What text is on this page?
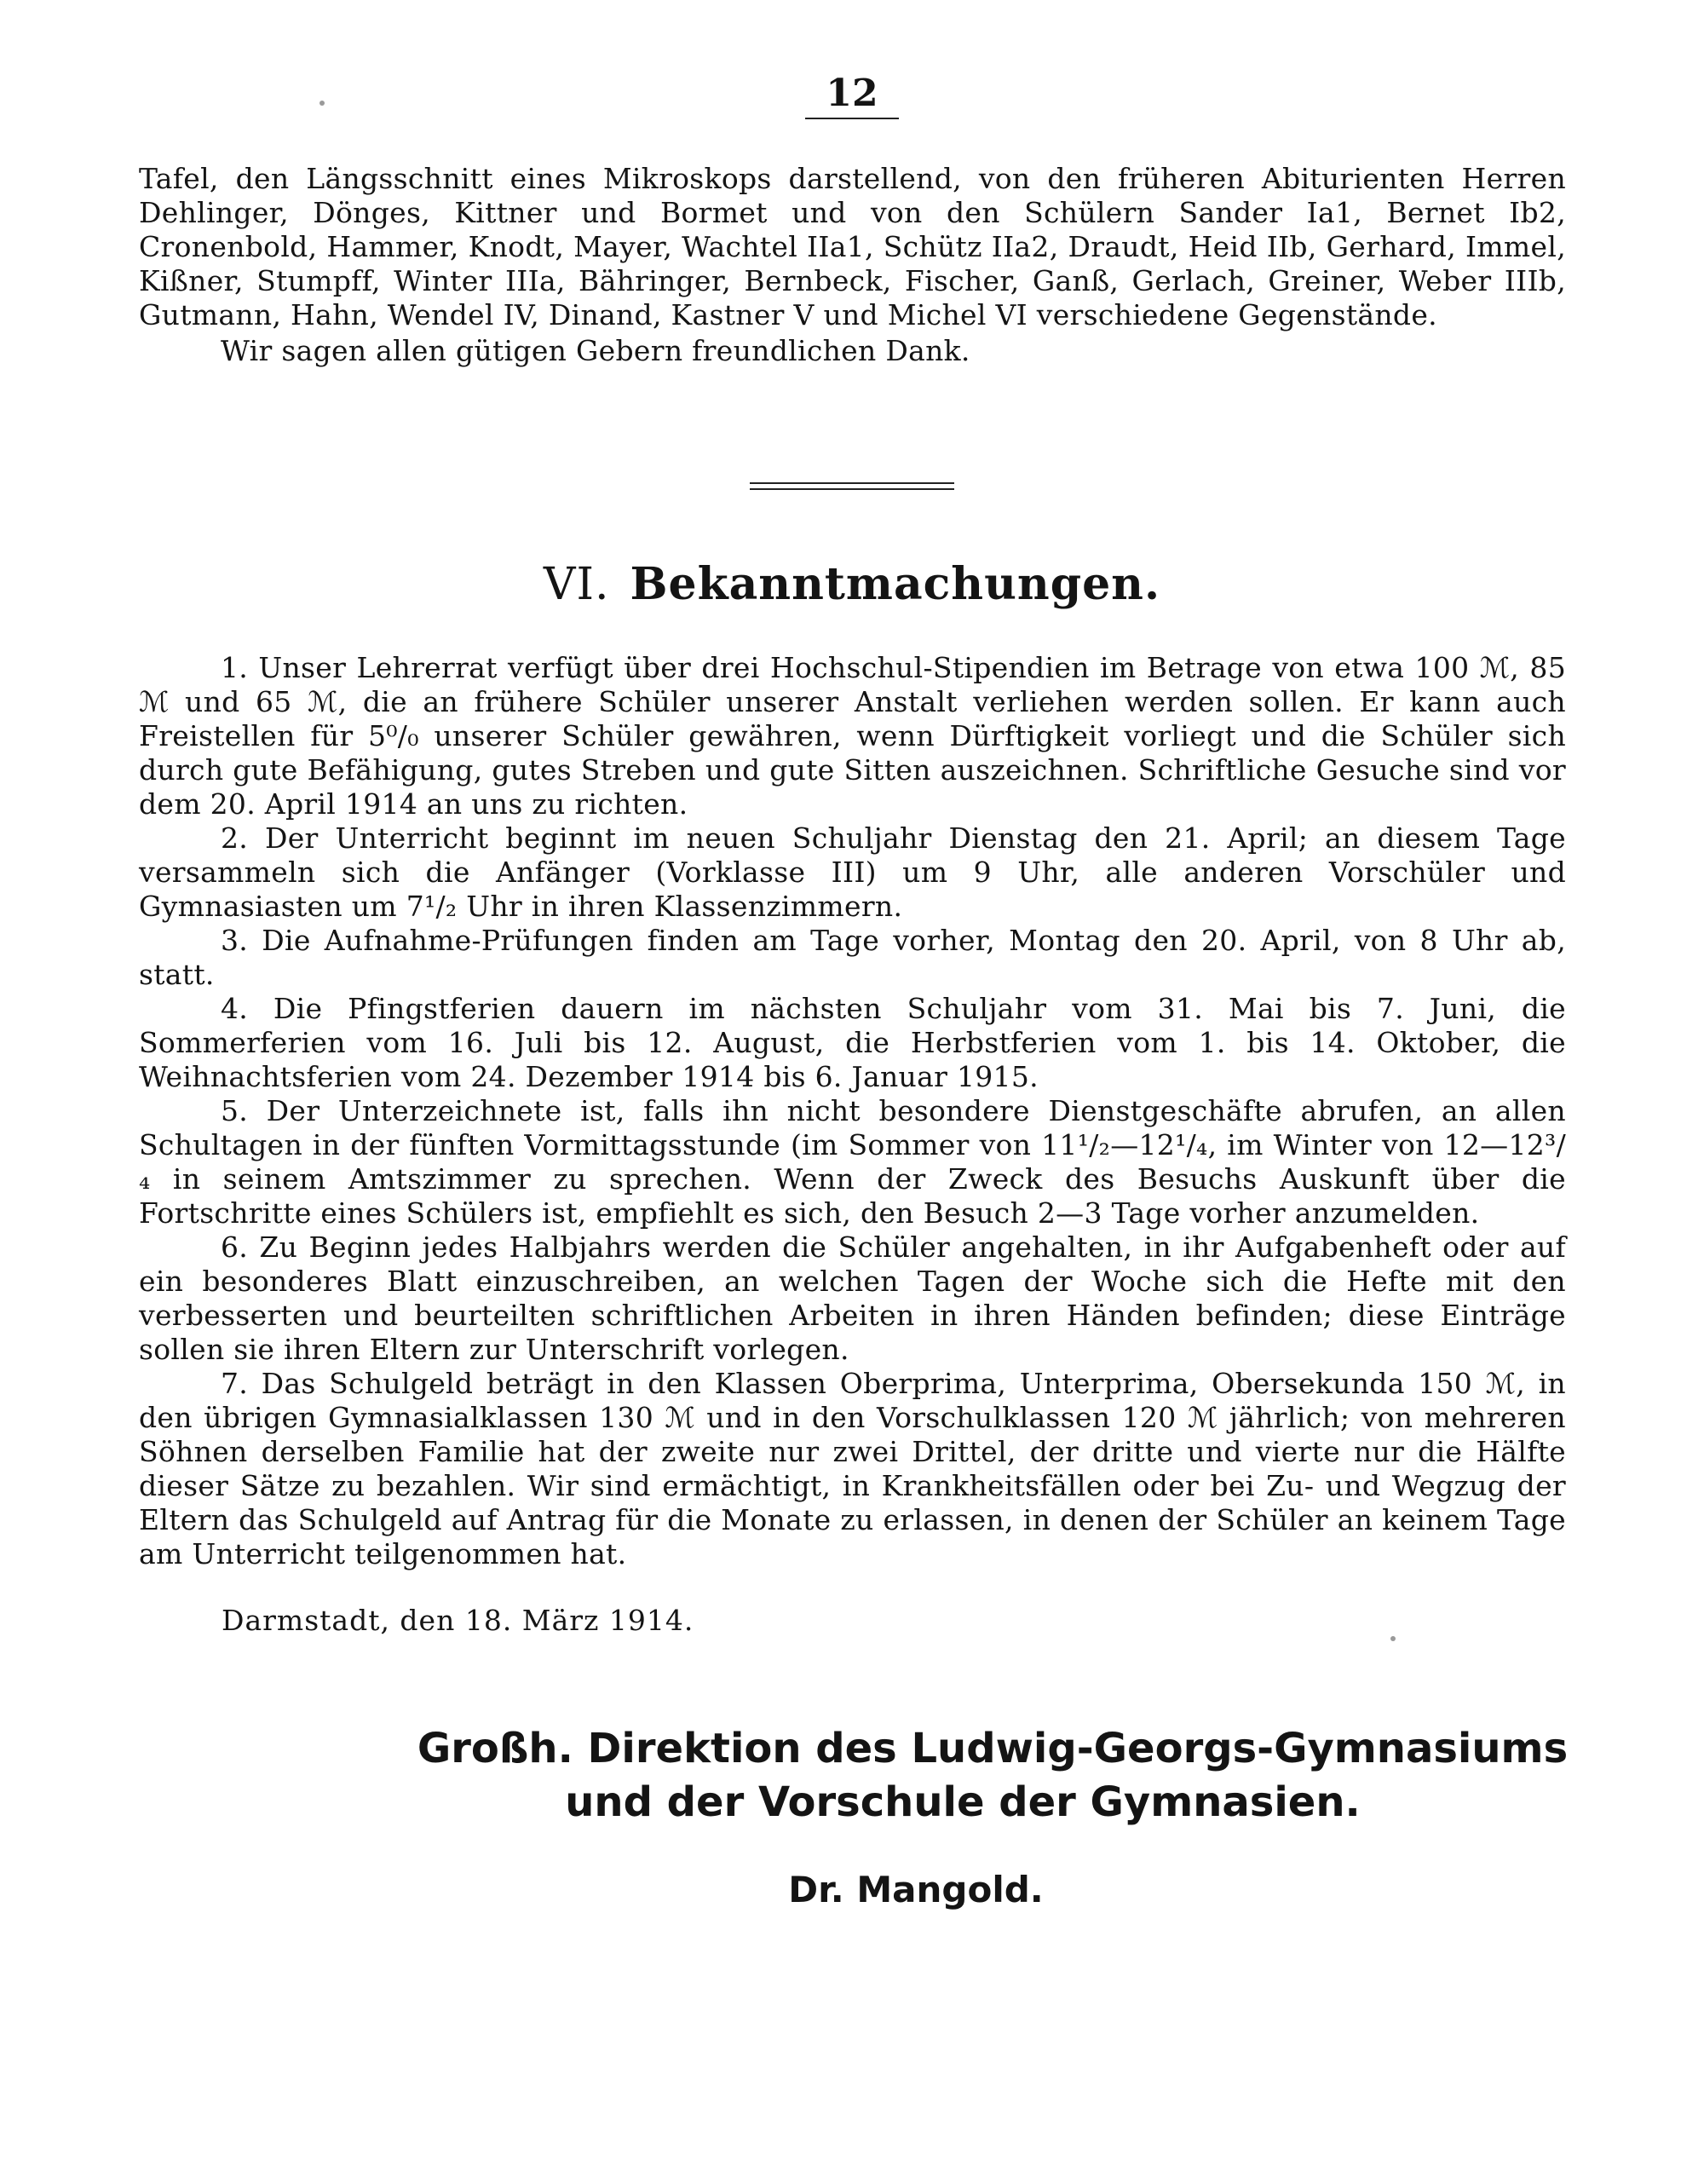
12

Tafel, den Längsschnitt eines Mikroskops darstellend, von den früheren Abiturienten Herren Dehlinger, Dönges, Kittner und Bormet und von den Schülern Sander Ia1, Bernet Ib2, Cronenbold, Hammer, Knodt, Mayer, Wachtel IIa1, Schütz IIa2, Draudt, Heid IIb, Gerhard, Immel, Kißner, Stumpff, Winter IIIa, Bähringer, Bernbeck, Fischer, Ganß, Gerlach, Greiner, Weber IIIb, Gutmann, Hahn, Wendel IV, Dinand, Kastner V und Michel VI verschiedene Gegenstände.

Wir sagen allen gütigen Gebern freundlichen Dank.

VI. Bekanntmachungen.

1. Unser Lehrerrat verfügt über drei Hochschul-Stipendien im Betrage von etwa 100 ℳ, 85 ℳ und 65 ℳ, die an frühere Schüler unserer Anstalt verliehen werden sollen. Er kann auch Freistellen für 5⁰/₀ unserer Schüler gewähren, wenn Dürftigkeit vorliegt und die Schüler sich durch gute Befähigung, gutes Streben und gute Sitten auszeichnen. Schriftliche Gesuche sind vor dem 20. April 1914 an uns zu richten.

2. Der Unterricht beginnt im neuen Schuljahr Dienstag den 21. April; an diesem Tage versammeln sich die Anfänger (Vorklasse III) um 9 Uhr, alle anderen Vorschüler und Gymnasiasten um 7¹/₂ Uhr in ihren Klassenzimmern.

3. Die Aufnahme-Prüfungen finden am Tage vorher, Montag den 20. April, von 8 Uhr ab, statt.

4. Die Pfingstferien dauern im nächsten Schuljahr vom 31. Mai bis 7. Juni, die Sommerferien vom 16. Juli bis 12. August, die Herbstferien vom 1. bis 14. Oktober, die Weihnachtsferien vom 24. Dezember 1914 bis 6. Januar 1915.

5. Der Unterzeichnete ist, falls ihn nicht besondere Dienstgeschäfte abrufen, an allen Schultagen in der fünften Vormittagsstunde (im Sommer von 11¹/₂—12¹/₄, im Winter von 12—12³/₄ in seinem Amtszimmer zu sprechen. Wenn der Zweck des Besuchs Auskunft über die Fortschritte eines Schülers ist, empfiehlt es sich, den Besuch 2—3 Tage vorher anzumelden.

6. Zu Beginn jedes Halbjahrs werden die Schüler angehalten, in ihr Aufgabenheft oder auf ein besonderes Blatt einzuschreiben, an welchen Tagen der Woche sich die Hefte mit den verbesserten und beurteilten schriftlichen Arbeiten in ihren Händen befinden; diese Einträge sollen sie ihren Eltern zur Unterschrift vorlegen.

7. Das Schulgeld beträgt in den Klassen Oberprima, Unterprima, Obersekunda 150 ℳ, in den übrigen Gymnasialklassen 130 ℳ und in den Vorschulklassen 120 ℳ jährlich; von mehreren Söhnen derselben Familie hat der zweite nur zwei Drittel, der dritte und vierte nur die Hälfte dieser Sätze zu bezahlen. Wir sind ermächtigt, in Krankheitsfällen oder bei Zu- und Wegzug der Eltern das Schulgeld auf Antrag für die Monate zu erlassen, in denen der Schüler an keinem Tage am Unterricht teilgenommen hat.

Darmstadt, den 18. März 1914.
Großh. Direktion des Ludwig-Georgs-Gymnasiums
und der Vorschule der Gymnasien.
Dr. Mangold.
